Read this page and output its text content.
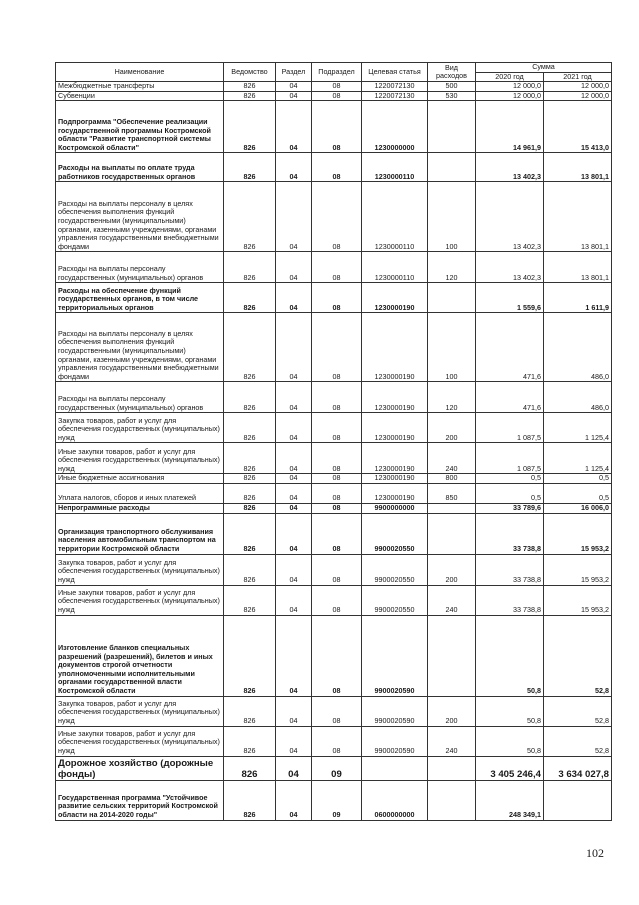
Наименование	Ведомство	Раздел	Подраздел	Целевая статья	Вид расходов	Сумма	
						2020 год	2021 год
Межбюджетные трансферты	826	04	08	1220072130	500	12 000,0	12 000,0
Субвенции	826	04	08	1220072130	530	12 000,0	12 000,0
Подпрограмма "Обеспечение реализации государственной программы Костромской области "Развитие транспортной системы Костромской области"	826	04	08	1230000000		14 961,9	15 413,0
Расходы на выплаты по оплате труда работников государственных органов	826	04	08	1230000110		13 402,3	13 801,1
Расходы на выплаты персоналу в целях обеспечения выполнения функций государственными (муниципальными) органами, казенными учреждениями, органами управления государственными внебюджетными фондами	826	04	08	1230000110	100	13 402,3	13 801,1
Расходы на выплаты персоналу государственных (муниципальных) органов	826	04	08	1230000110	120	13 402,3	13 801,1
Расходы на обеспечение функций государственных органов, в том числе территориальных органов	826	04	08	1230000190		1 559,6	1 611,9
Расходы на выплаты персоналу в целях обеспечения выполнения функций государственными (муниципальными) органами, казенными учреждениями, органами управления государственными внебюджетными фондами	826	04	08	1230000190	100	471,6	486,0
Расходы на выплаты персоналу государственных (муниципальных) органов	826	04	08	1230000190	120	471,6	486,0
Закупка товаров, работ и услуг для обеспечения государственных (муниципальных) нужд	826	04	08	1230000190	200	1 087,5	1 125,4
Иные закупки товаров, работ и услуг для обеспечения государственных (муниципальных) нужд	826	04	08	1230000190	240	1 087,5	1 125,4
Иные бюджетные ассигнования	826	04	08	1230000190	800	0,5	0,5
Уплата налогов, сборов и иных платежей	826	04	08	1230000190	850	0,5	0,5
Непрограммные расходы	826	04	08	9900000000		33 789,6	16 006,0
Организация транспортного обслуживания населения автомобильным транспортом на территории Костромской области	826	04	08	9900020550		33 738,8	15 953,2
Закупка товаров, работ и услуг для обеспечения государственных (муниципальных) нужд	826	04	08	9900020550	200	33 738,8	15 953,2
Иные закупки товаров, работ и услуг для обеспечения государственных (муниципальных) нужд	826	04	08	9900020550	240	33 738,8	15 953,2
Изготовление бланков специальных разрешений (разрешений), билетов и иных документов строгой отчетности уполномоченными исполнительными органами государственной власти Костромской области	826	04	08	9900020590		50,8	52,8
Закупка товаров, работ и услуг для обеспечения государственных (муниципальных) нужд	826	04	08	9900020590	200	50,8	52,8
Иные закупки товаров, работ и услуг для обеспечения государственных (муниципальных) нужд	826	04	08	9900020590	240	50,8	52,8
Дорожное хозяйство (дорожные фонды)	826	04	09			3 405 246,4	3 634 027,8
Государственная программа "Устойчивое развитие сельских территорий Костромской области на 2014-2020 годы"	826	04	09	0600000000		248 349,1	
102
